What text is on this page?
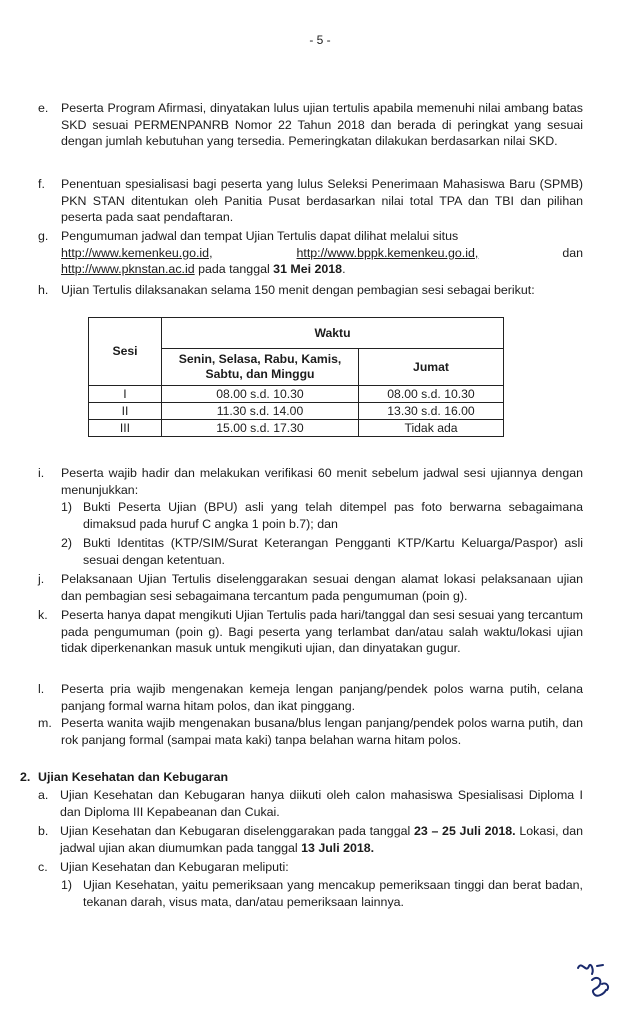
- 5 -
e. Peserta Program Afirmasi, dinyatakan lulus ujian tertulis apabila memenuhi nilai ambang batas SKD sesuai PERMENPANRB Nomor 22 Tahun 2018 dan berada di peringkat yang sesuai dengan jumlah kebutuhan yang tersedia. Pemeringkatan dilakukan berdasarkan nilai SKD.
f. Penentuan spesialisasi bagi peserta yang lulus Seleksi Penerimaan Mahasiswa Baru (SPMB) PKN STAN ditentukan oleh Panitia Pusat berdasarkan nilai total TPA dan TBI dan pilihan peserta pada saat pendaftaran.
g. Pengumuman jadwal dan tempat Ujian Tertulis dapat dilihat melalui situs
http://www.kemenkeu.go.id,	http://www.bppk.kemenkeu.go.id,	dan
http://www.pknstan.ac.id pada tanggal 31 Mei 2018.
h. Ujian Tertulis dilaksanakan selama 150 menit dengan pembagian sesi sebagai berikut:
Sesi	Waktu	
	Senin, Selasa, Rabu, Kamis, Sabtu, dan Minggu	Jumat
I	08.00 s.d. 10.30	08.00 s.d. 10.30
II	11.30 s.d. 14.00	13.30 s.d. 16.00
III	15.00 s.d. 17.30	Tidak ada
i. Peserta wajib hadir dan melakukan verifikasi 60 menit sebelum jadwal sesi ujiannya dengan menunjukkan:
1) Bukti Peserta Ujian (BPU) asli yang telah ditempel pas foto berwarna sebagaimana dimaksud pada huruf C angka 1 poin b.7); dan
2) Bukti Identitas (KTP/SIM/Surat Keterangan Pengganti KTP/Kartu Keluarga/Paspor) asli sesuai dengan ketentuan.
j. Pelaksanaan Ujian Tertulis diselenggarakan sesuai dengan alamat lokasi pelaksanaan ujian dan pembagian sesi sebagaimana tercantum pada pengumuman (poin g).
k. Peserta hanya dapat mengikuti Ujian Tertulis pada hari/tanggal dan sesi sesuai yang tercantum pada pengumuman (poin g). Bagi peserta yang terlambat dan/atau salah waktu/lokasi ujian tidak diperkenankan masuk untuk mengikuti ujian, dan dinyatakan gugur.
l. Peserta pria wajib mengenakan kemeja lengan panjang/pendek polos warna putih, celana panjang formal warna hitam polos, dan ikat pinggang.
m. Peserta wanita wajib mengenakan busana/blus lengan panjang/pendek polos warna putih, dan rok panjang formal (sampai mata kaki) tanpa belahan warna hitam polos.
2. Ujian Kesehatan dan Kebugaran
a. Ujian Kesehatan dan Kebugaran hanya diikuti oleh calon mahasiswa Spesialisasi Diploma I dan Diploma III Kepabeanan dan Cukai.
b. Ujian Kesehatan dan Kebugaran diselenggarakan pada tanggal 23 – 25 Juli 2018. Lokasi, dan jadwal ujian akan diumumkan pada tanggal 13 Juli 2018.
c. Ujian Kesehatan dan Kebugaran meliputi:
1) Ujian Kesehatan, yaitu pemeriksaan yang mencakup pemeriksaan tinggi dan berat badan, tekanan darah, visus mata, dan/atau pemeriksaan lainnya.
